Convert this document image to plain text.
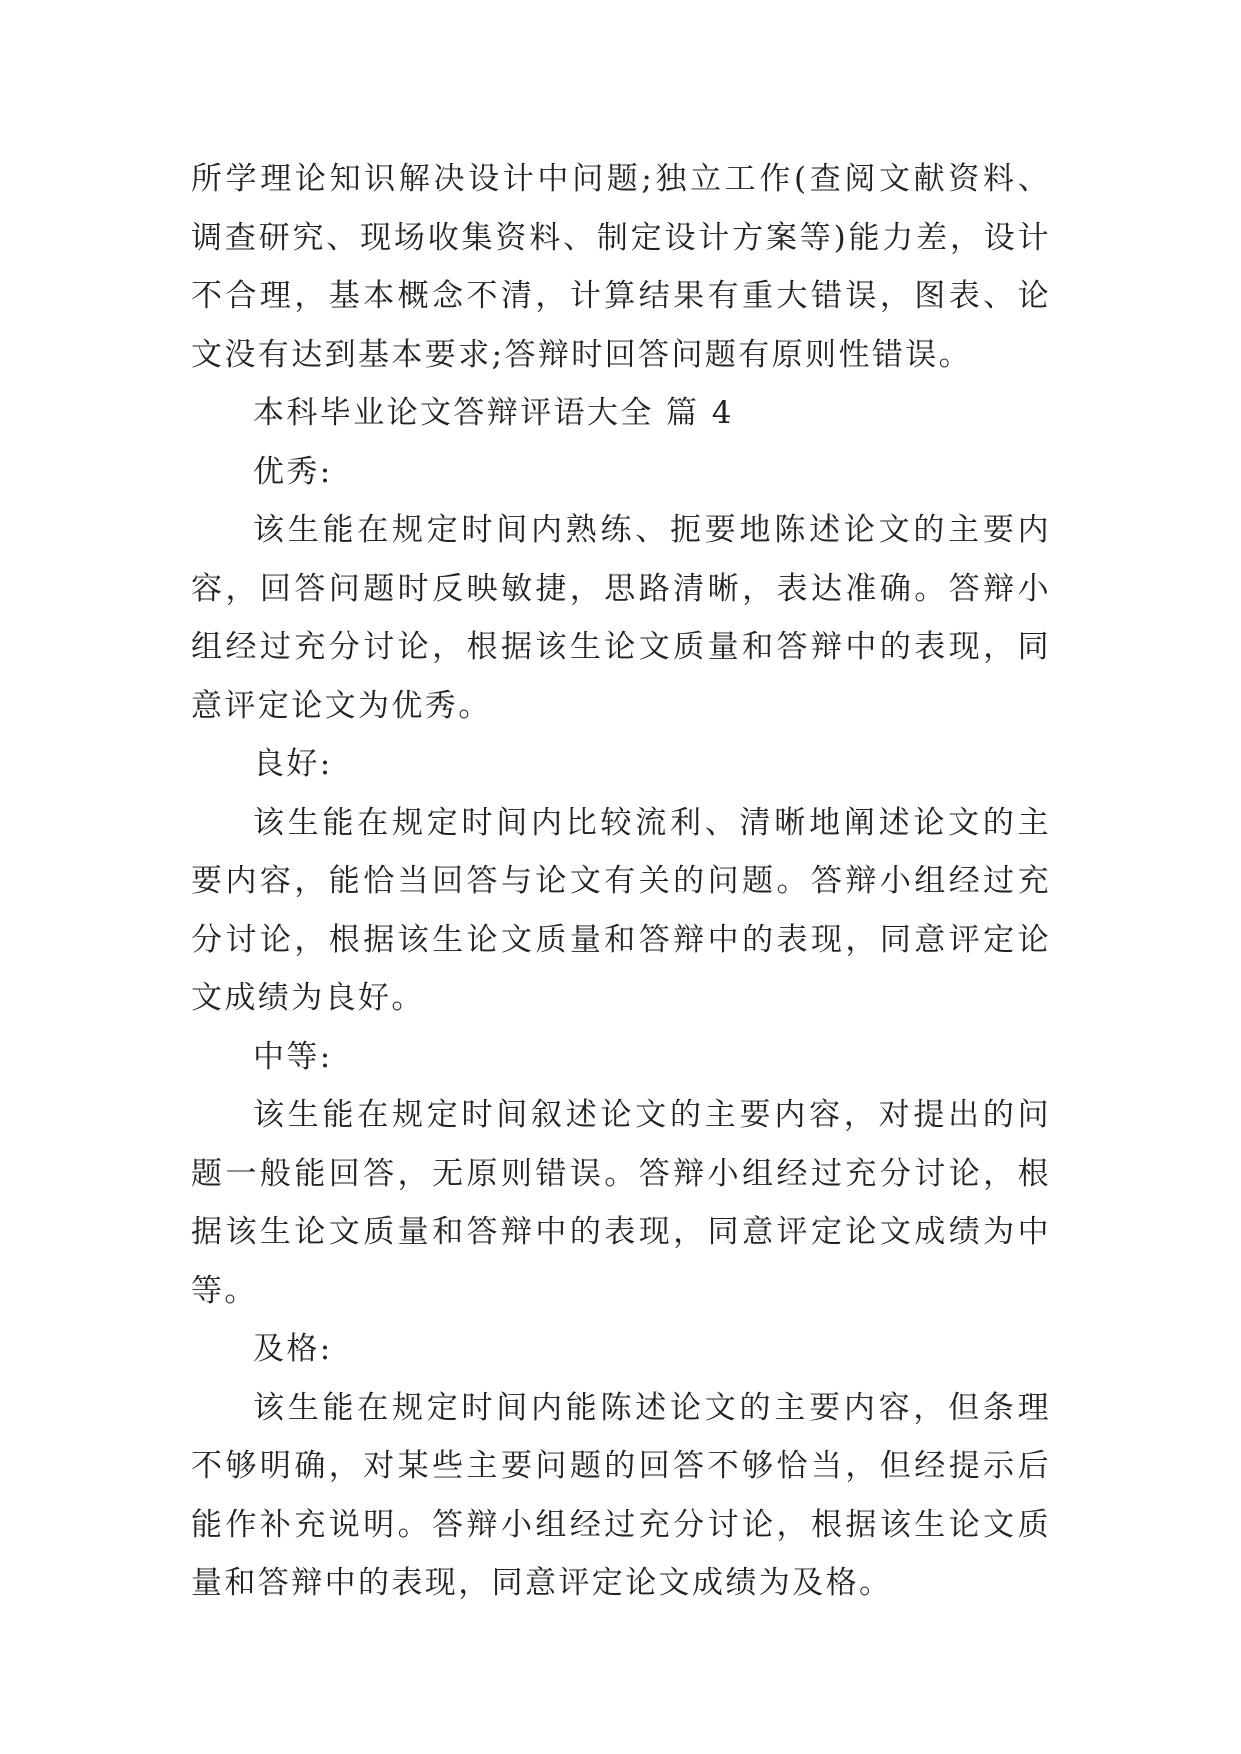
所学理论知识解决设计中问题;独立工作(查阅文献资料、调查研究、现场收集资料、制定设计方案等)能力差，设计不合理，基本概念不清，计算结果有重大错误，图表、论文没有达到基本要求;答辩时回答问题有原则性错误。

本科毕业论文答辩评语大全 篇 4

优秀:

该生能在规定时间内熟练、扼要地陈述论文的主要内容，回答问题时反映敏捷，思路清晰，表达准确。答辩小组经过充分讨论，根据该生论文质量和答辩中的表现，同意评定论文为优秀。

良好:

该生能在规定时间内比较流利、清晰地阐述论文的主要内容，能恰当回答与论文有关的问题。答辩小组经过充分讨论，根据该生论文质量和答辩中的表现，同意评定论文成绩为良好。

中等:

该生能在规定时间叙述论文的主要内容，对提出的问题一般能回答，无原则错误。答辩小组经过充分讨论，根据该生论文质量和答辩中的表现，同意评定论文成绩为中等。

及格:

该生能在规定时间内能陈述论文的主要内容，但条理不够明确，对某些主要问题的回答不够恰当，但经提示后能作补充说明。答辩小组经过充分讨论，根据该生论文质量和答辩中的表现，同意评定论文成绩为及格。
